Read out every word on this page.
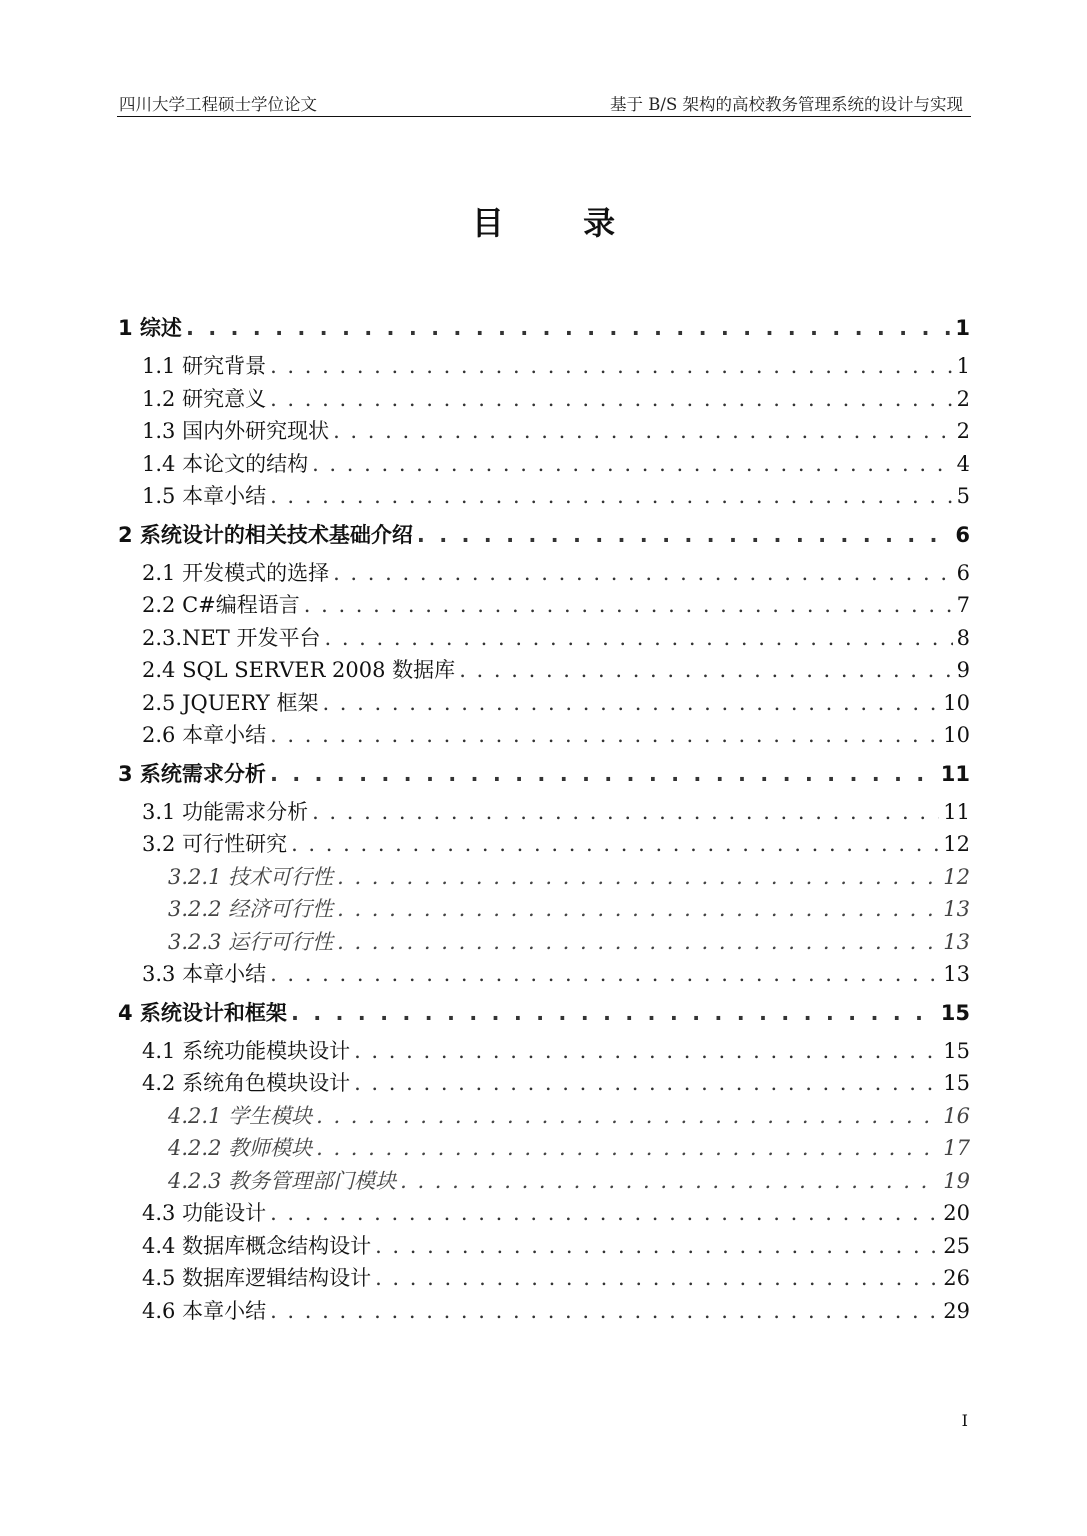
四川大学工程硕士学位论文	基于 B/S 架构的高校教务管理系统的设计与实现
目 录
1 综述 . . .	1
1.1 研究背景 . . .	1
1.2 研究意义 . . .	2
1.3 国内外研究现状 . . .	2
1.4 本论文的结构 . . .	4
1.5 本章小结 . . .	5
2 系统设计的相关技术基础介绍 . . .	6
2.1 开发模式的选择 . . .	6
2.2 C#编程语言 . . .	7
2.3.NET 开发平台 . . .	8
2.4 SQL SERVER 2008 数据库 . . .	9
2.5 JQUERY 框架 . . .	10
2.6 本章小结 . . .	10
3 系统需求分析 . . .	11
3.1 功能需求分析 . . .	11
3.2 可行性研究 . . .	12
3.2.1 技术可行性 . . .	12
3.2.2 经济可行性 . . .	13
3.2.3 运行可行性 . . .	13
3.3 本章小结 . . .	13
4 系统设计和框架 . . .	15
4.1 系统功能模块设计 . . .	15
4.2 系统角色模块设计 . . .	15
4.2.1 学生模块 . . .	16
4.2.2 教师模块 . . .	17
4.2.3 教务管理部门模块 . . .	19
4.3 功能设计 . . .	20
4.4 数据库概念结构设计 . . .	25
4.5 数据库逻辑结构设计 . . .	26
4.6 本章小结 . . .	29
I
